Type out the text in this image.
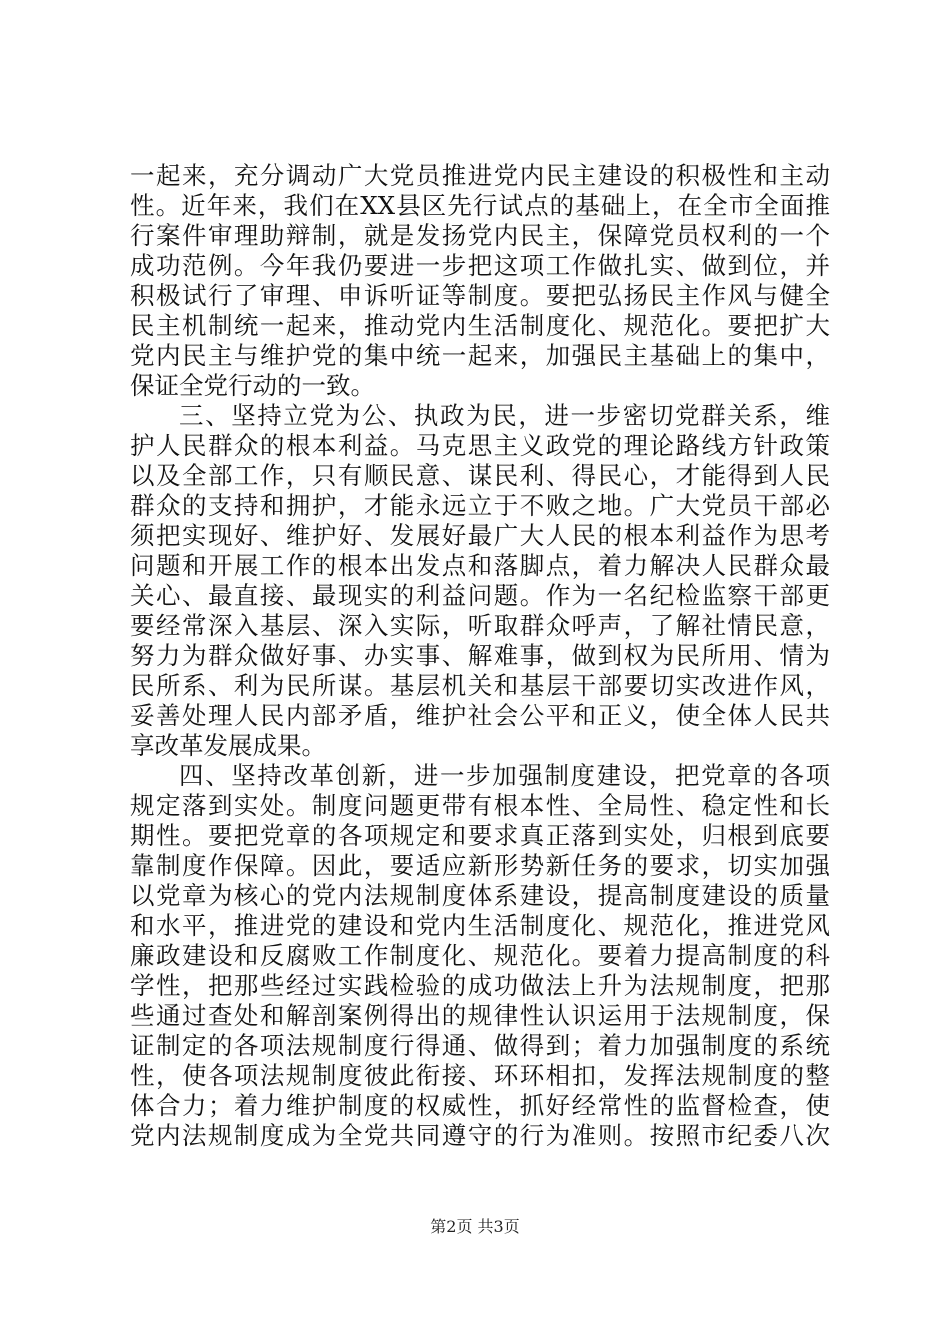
一起来，充分调动广大党员推进党内民主建设的积极性和主动
性。近年来，我们在XX县区先行试点的基础上，在全市全面推
行案件审理助辩制，就是发扬党内民主，保障党员权利的一个
成功范例。今年我仍要进一步把这项工作做扎实、做到位，并
积极试行了审理、申诉听证等制度。要把弘扬民主作风与健全
民主机制统一起来，推动党内生活制度化、规范化。要把扩大
党内民主与维护党的集中统一起来，加强民主基础上的集中，
保证全党行动的一致。
三、坚持立党为公、执政为民，进一步密切党群关系，维
护人民群众的根本利益。马克思主义政党的理论路线方针政策
以及全部工作，只有顺民意、谋民利、得民心，才能得到人民
群众的支持和拥护，才能永远立于不败之地。广大党员干部必
须把实现好、维护好、发展好最广大人民的根本利益作为思考
问题和开展工作的根本出发点和落脚点，着力解决人民群众最
关心、最直接、最现实的利益问题。作为一名纪检监察干部更
要经常深入基层、深入实际，听取群众呼声，了解社情民意，
努力为群众做好事、办实事、解难事，做到权为民所用、情为
民所系、利为民所谋。基层机关和基层干部要切实改进作风，
妥善处理人民内部矛盾，维护社会公平和正义，使全体人民共
享改革发展成果。
四、坚持改革创新，进一步加强制度建设，把党章的各项
规定落到实处。制度问题更带有根本性、全局性、稳定性和长
期性。要把党章的各项规定和要求真正落到实处，归根到底要
靠制度作保障。因此，要适应新形势新任务的要求，切实加强
以党章为核心的党内法规制度体系建设，提高制度建设的质量
和水平，推进党的建设和党内生活制度化、规范化，推进党风
廉政建设和反腐败工作制度化、规范化。要着力提高制度的科
学性，把那些经过实践检验的成功做法上升为法规制度，把那
些通过查处和解剖案例得出的规律性认识运用于法规制度，保
证制定的各项法规制度行得通、做得到；着力加强制度的系统
性，使各项法规制度彼此衔接、环环相扣，发挥法规制度的整
体合力；着力维护制度的权威性，抓好经常性的监督检查，使
党内法规制度成为全党共同遵守的行为准则。按照市纪委八次
第2页 共3页
